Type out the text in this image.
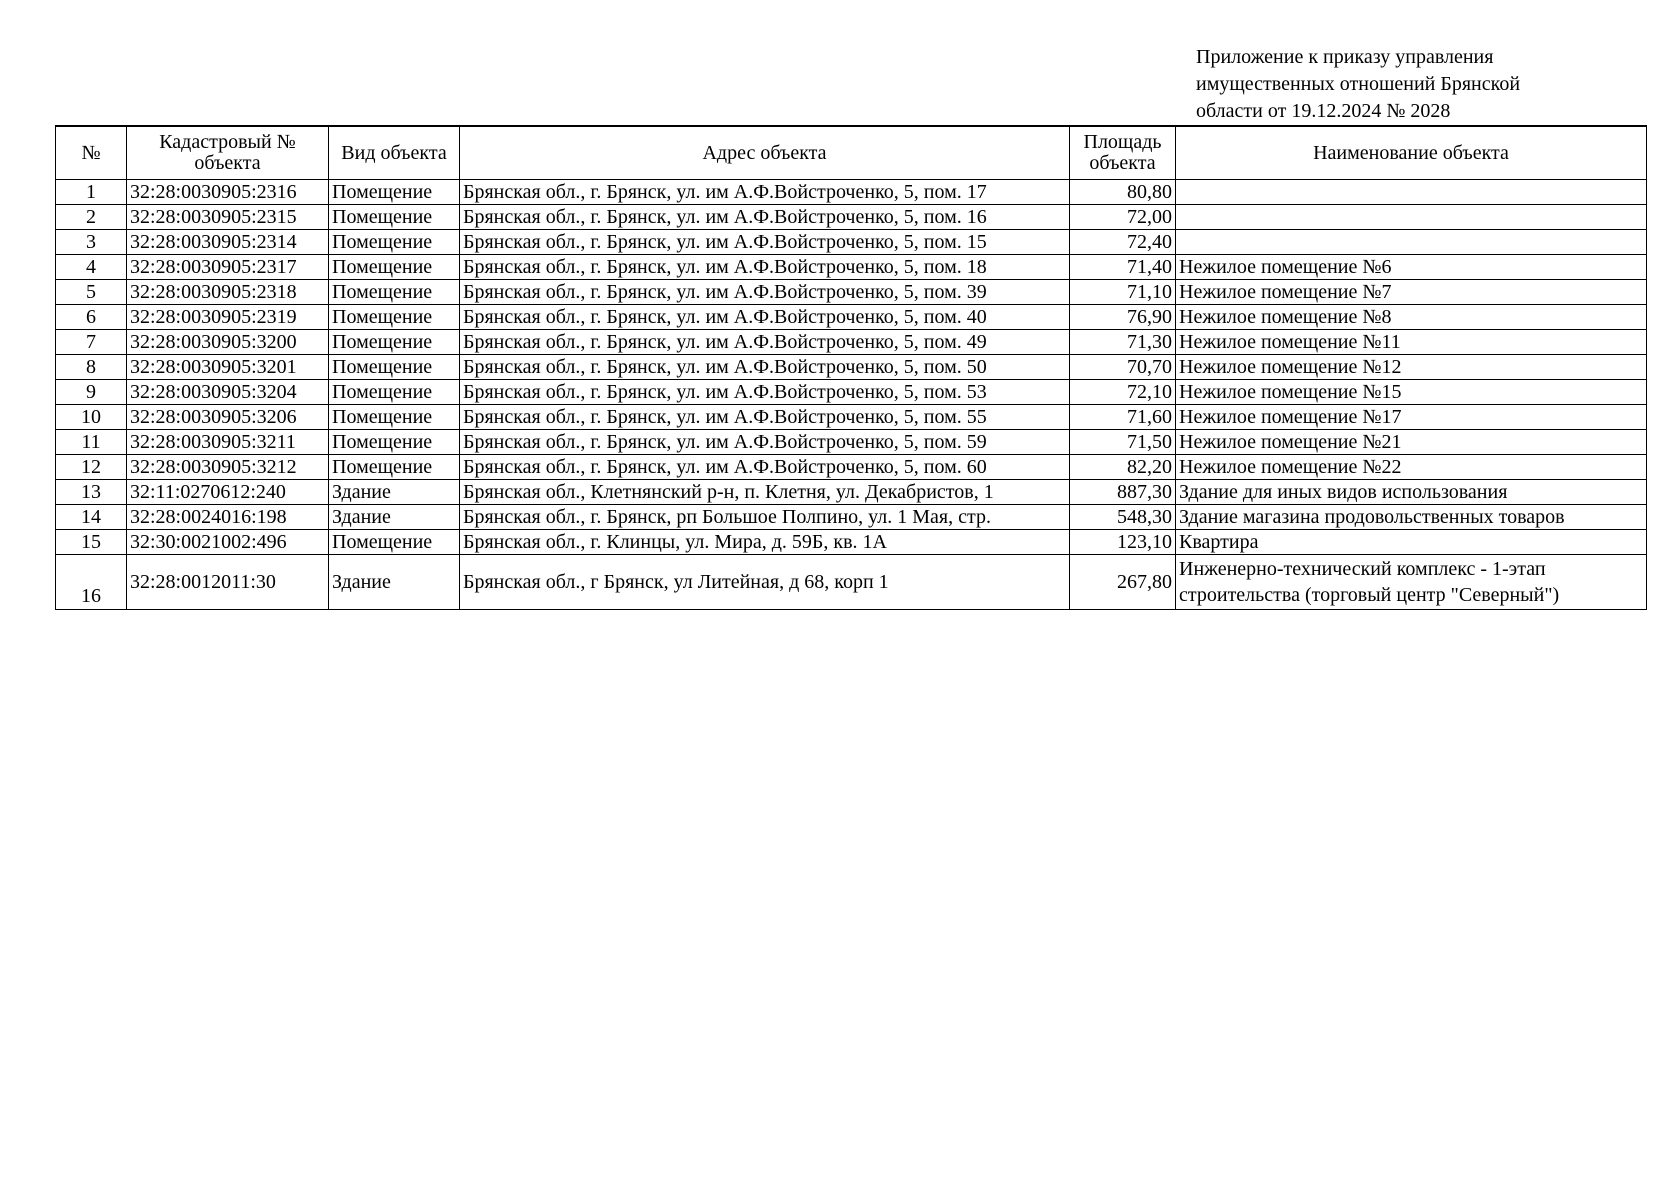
Приложение к приказу управления
имущественных отношений Брянской
области от 19.12.2024 № 2028
№	Кадастровый № объекта	Вид объекта	Адрес объекта	Площадь объекта	Наименование объекта
1	32:28:0030905:2316	Помещение	Брянская обл., г. Брянск, ул. им А.Ф.Войстроченко, 5, пом. 17	80,80	
2	32:28:0030905:2315	Помещение	Брянская обл., г. Брянск, ул. им А.Ф.Войстроченко, 5, пом. 16	72,00	
3	32:28:0030905:2314	Помещение	Брянская обл., г. Брянск, ул. им А.Ф.Войстроченко, 5, пом. 15	72,40	
4	32:28:0030905:2317	Помещение	Брянская обл., г. Брянск, ул. им А.Ф.Войстроченко, 5, пом. 18	71,40	Нежилое помещение №6
5	32:28:0030905:2318	Помещение	Брянская обл., г. Брянск, ул. им А.Ф.Войстроченко, 5, пом. 39	71,10	Нежилое помещение №7
6	32:28:0030905:2319	Помещение	Брянская обл., г. Брянск, ул. им А.Ф.Войстроченко, 5, пом. 40	76,90	Нежилое помещение №8
7	32:28:0030905:3200	Помещение	Брянская обл., г. Брянск, ул. им А.Ф.Войстроченко, 5, пом. 49	71,30	Нежилое помещение №11
8	32:28:0030905:3201	Помещение	Брянская обл., г. Брянск, ул. им А.Ф.Войстроченко, 5, пом. 50	70,70	Нежилое помещение №12
9	32:28:0030905:3204	Помещение	Брянская обл., г. Брянск, ул. им А.Ф.Войстроченко, 5, пом. 53	72,10	Нежилое помещение №15
10	32:28:0030905:3206	Помещение	Брянская обл., г. Брянск, ул. им А.Ф.Войстроченко, 5, пом. 55	71,60	Нежилое помещение №17
11	32:28:0030905:3211	Помещение	Брянская обл., г. Брянск, ул. им А.Ф.Войстроченко, 5, пом. 59	71,50	Нежилое помещение №21
12	32:28:0030905:3212	Помещение	Брянская обл., г. Брянск, ул. им А.Ф.Войстроченко, 5, пом. 60	82,20	Нежилое помещение №22
13	32:11:0270612:240	Здание	Брянская обл., Клетнянский р-н, п. Клетня, ул. Декабристов, 1	887,30	Здание для иных видов использования
14	32:28:0024016:198	Здание	Брянская обл., г. Брянск, рп Большое Полпино, ул. 1 Мая, стр.	548,30	Здание магазина продовольственных товаров
15	32:30:0021002:496	Помещение	Брянская обл., г. Клинцы, ул. Мира, д. 59Б, кв. 1А	123,10	Квартира
16	32:28:0012011:30	Здание	Брянская обл., г Брянск, ул Литейная, д 68, корп 1	267,80	Инженерно-технический комплекс - 1-этап строительства (торговый центр "Северный")
